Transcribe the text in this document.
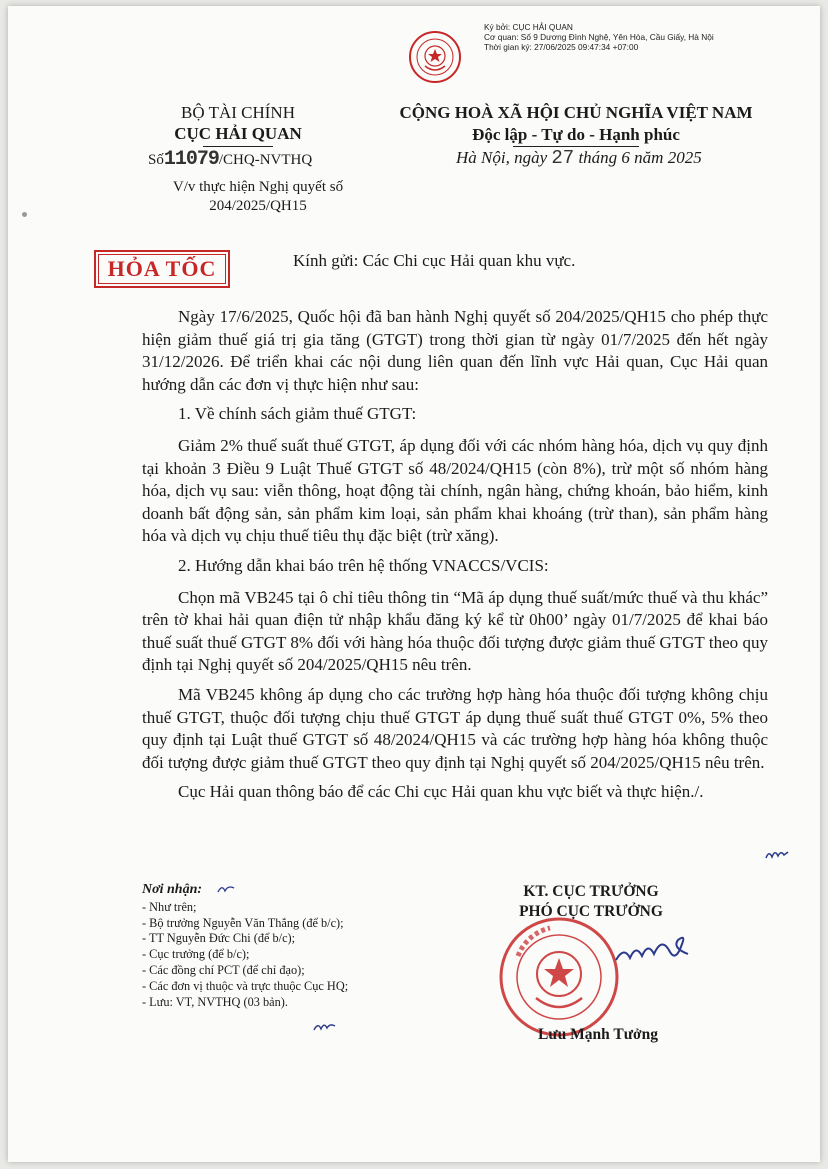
Ký bởi: CỤC HẢI QUAN
Cơ quan: Số 9 Dương Đình Nghệ, Yên Hòa, Cầu Giấy, Hà Nội
Thời gian ký: 27/06/2025 09:47:34 +07:00
BỘ TÀI CHÍNH
CỤC HẢI QUAN
CỘNG HOÀ XÃ HỘI CHỦ NGHĨA VIỆT NAM
Độc lập - Tự do - Hạnh phúc
Số11079/CHQ-NVTHQ
V/v thực hiện Nghị quyết số
204/2025/QH15
Hà Nội, ngày 27 tháng 6 năm 2025
HỎA TỐC	Kính gửi: Các Chi cục Hải quan khu vực.

Ngày 17/6/2025, Quốc hội đã ban hành Nghị quyết số 204/2025/QH15 cho phép thực hiện giảm thuế giá trị gia tăng (GTGT) trong thời gian từ ngày 01/7/2025 đến hết ngày 31/12/2026. Để triển khai các nội dung liên quan đến lĩnh vực Hải quan, Cục Hải quan hướng dẫn các đơn vị thực hiện như sau:

1. Về chính sách giảm thuế GTGT:

Giảm 2% thuế suất thuế GTGT, áp dụng đối với các nhóm hàng hóa, dịch vụ quy định tại khoản 3 Điều 9 Luật Thuế GTGT số 48/2024/QH15 (còn 8%), trừ một số nhóm hàng hóa, dịch vụ sau: viễn thông, hoạt động tài chính, ngân hàng, chứng khoán, bảo hiểm, kinh doanh bất động sản, sản phẩm kim loại, sản phẩm khai khoáng (trừ than), sản phẩm hàng hóa và dịch vụ chịu thuế tiêu thụ đặc biệt (trừ xăng).

2. Hướng dẫn khai báo trên hệ thống VNACCS/VCIS:

Chọn mã VB245 tại ô chỉ tiêu thông tin “Mã áp dụng thuế suất/mức thuế và thu khác” trên tờ khai hải quan điện tử nhập khẩu đăng ký kể từ 0h00’ ngày 01/7/2025 để khai báo thuế suất thuế GTGT 8% đối với hàng hóa thuộc đối tượng được giảm thuế GTGT theo quy định tại Nghị quyết số 204/2025/QH15 nêu trên.

Mã VB245 không áp dụng cho các trường hợp hàng hóa thuộc đối tượng không chịu thuế GTGT, thuộc đối tượng chịu thuế GTGT áp dụng thuế suất thuế GTGT 0%, 5% theo quy định tại Luật thuế GTGT số 48/2024/QH15 và các trường hợp hàng hóa không thuộc đối tượng được giảm thuế GTGT theo quy định tại Nghị quyết số 204/2025/QH15 nêu trên.

Cục Hải quan thông báo để các Chi cục Hải quan khu vực biết và thực hiện./.

Nơi nhận:
- Như trên;
- Bộ trưởng Nguyễn Văn Thắng (để b/c);
- TT Nguyễn Đức Chi (để b/c);
- Cục trưởng (để b/c);
- Các đồng chí PCT (để chỉ đạo);
- Các đơn vị thuộc và trực thuộc Cục HQ;
- Lưu: VT, NVTHQ (03 bản).
KT. CỤC TRƯỞNG
PHÓ CỤC TRƯỞNG
Lưu Mạnh Tưởng
